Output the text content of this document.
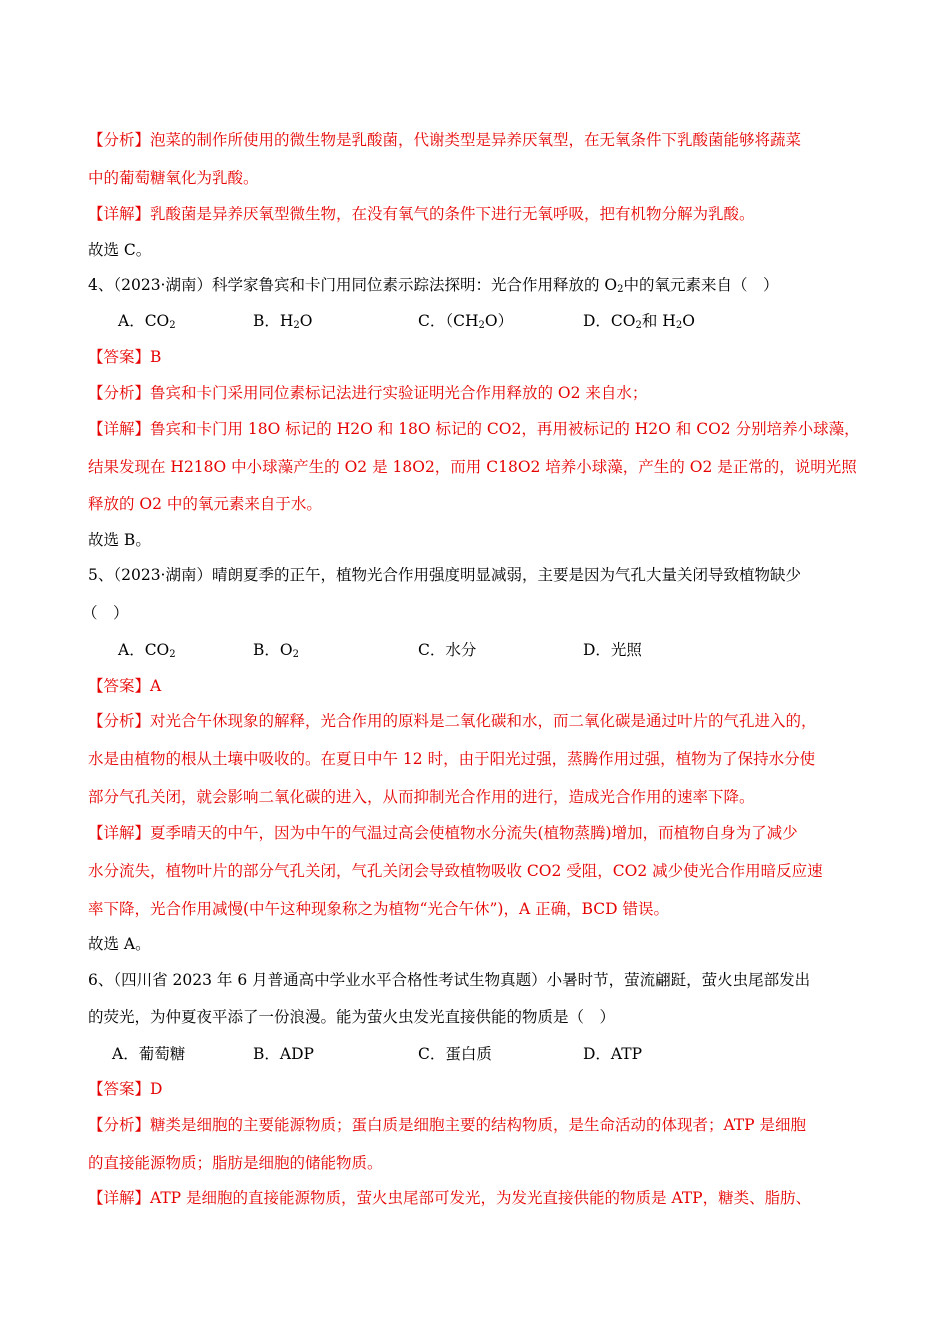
【分析】泡菜的制作所使用的微生物是乳酸菌，代谢类型是异养厌氧型，在无氧条件下乳酸菌能够将蔬菜
中的葡萄糖氧化为乳酸。
【详解】乳酸菌是异养厌氧型微生物，在没有氧气的条件下进行无氧呼吸，把有机物分解为乳酸。
故选 C。
4、（2023·湖南）科学家鲁宾和卡门用同位素示踪法探明：光合作用释放的 $O_2$中的氧元素来自（　）
A．$CO_2$	B．$H_2O$	C．$(CH_2O)$	D．$CO_2$和 $H_2O$
【答案】B
【分析】鲁宾和卡门采用同位素标记法进行实验证明光合作用释放的 O2 来自水；
【详解】鲁宾和卡门用 18O 标记的 H2O 和 18O 标记的 CO2，再用被标记的 H2O 和 CO2 分别培养小球藻，
结果发现在 H218O 中小球藻产生的 O2 是 18O2，而用 C18O2 培养小球藻，产生的 O2 是正常的，说明光照
释放的 O2 中的氧元素来自于水。
故选 B。
5、（2023·湖南）晴朗夏季的正午，植物光合作用强度明显减弱，主要是因为气孔大量关闭导致植物缺少
（　）
A．$CO_2$	B．$O_2$	C．水分	D．光照
【答案】A
【分析】对光合午休现象的解释，光合作用的原料是二氧化碳和水，而二氧化碳是通过叶片的气孔进入的，
水是由植物的根从土壤中吸收的。在夏日中午 12 时，由于阳光过强，蒸腾作用过强，植物为了保持水分使
部分气孔关闭，就会影响二氧化碳的进入，从而抑制光合作用的进行，造成光合作用的速率下降。
【详解】夏季晴天的中午，因为中午的气温过高会使植物水分流失(植物蒸腾)增加，而植物自身为了减少
水分流失，植物叶片的部分气孔关闭，气孔关闭会导致植物吸收 CO2 受阻，CO2 减少使光合作用暗反应速
率下降，光合作用减慢(中午这种现象称之为植物“光合午休”)，A 正确，BCD 错误。
故选 A。
6、（四川省 2023 年 6 月普通高中学业水平合格性考试生物真题）小暑时节，萤流翩跹，萤火虫尾部发出
的荧光，为仲夏夜平添了一份浪漫。能为萤火虫发光直接供能的物质是（　）
A．葡萄糖	B．ADP	C．蛋白质	D．ATP
【答案】D
【分析】糖类是细胞的主要能源物质；蛋白质是细胞主要的结构物质，是生命活动的体现者；ATP 是细胞
的直接能源物质；脂肪是细胞的储能物质。
【详解】ATP 是细胞的直接能源物质，萤火虫尾部可发光，为发光直接供能的物质是 ATP，糖类、脂肪、
